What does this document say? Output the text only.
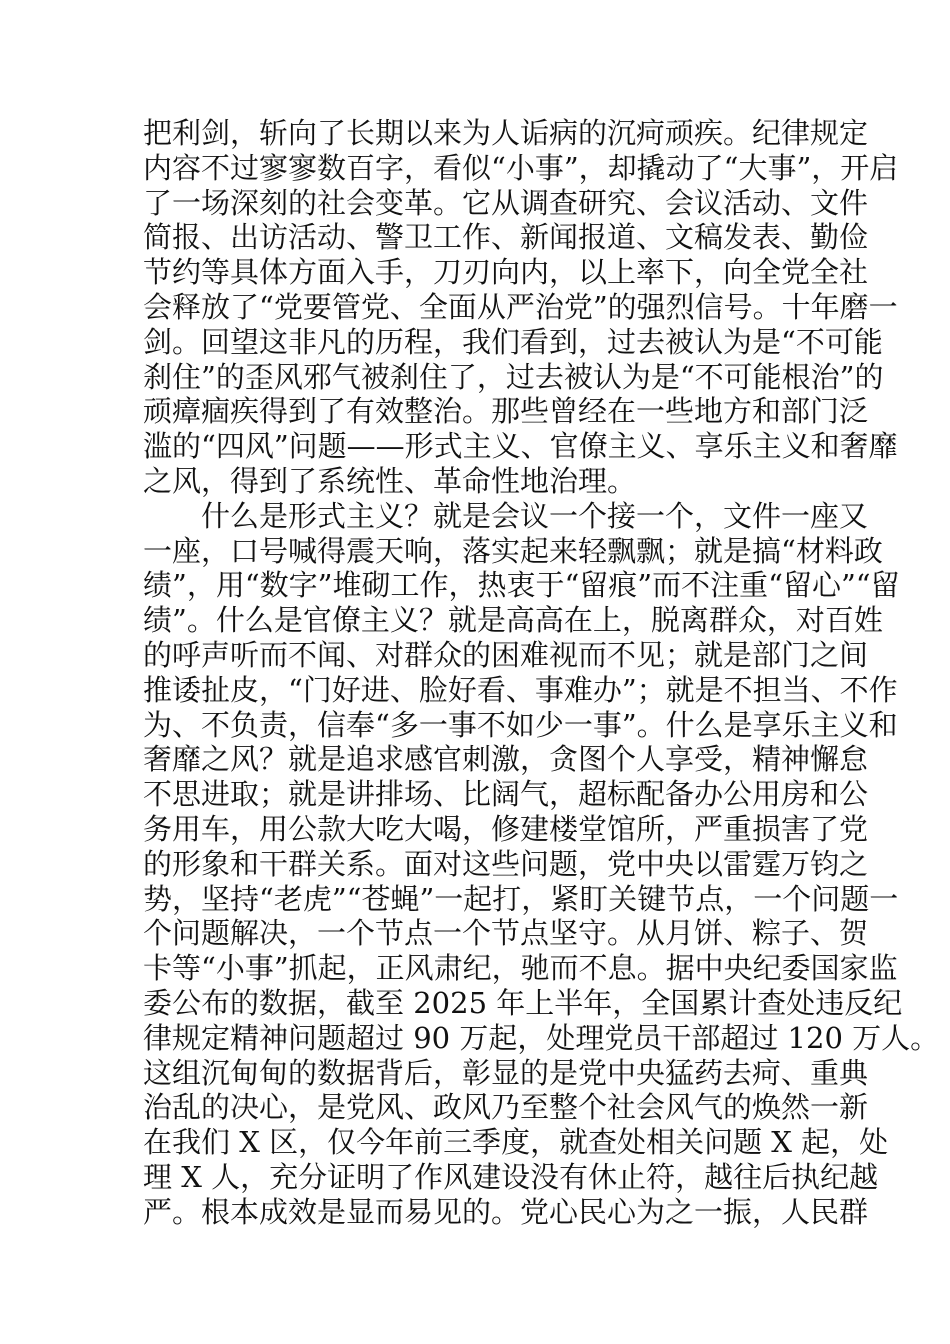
把利剑，斩向了长期以来为人诟病的沉疴顽疾。纪律规定
内容不过寥寥数百字，看似“小事”，却撬动了“大事”，开启
了一场深刻的社会变革。它从调查研究、会议活动、文件
简报、出访活动、警卫工作、新闻报道、文稿发表、勤俭
节约等具体方面入手，刀刃向内，以上率下，向全党全社
会释放了“党要管党、全面从严治党”的强烈信号。十年磨一
剑。回望这非凡的历程，我们看到，过去被认为是“不可能
刹住”的歪风邪气被刹住了，过去被认为是“不可能根治”的
顽瘴痼疾得到了有效整治。那些曾经在一些地方和部门泛
滥的“四风”问题——形式主义、官僚主义、享乐主义和奢靡
之风，得到了系统性、革命性地治理。
　　什么是形式主义？就是会议一个接一个，文件一座又
一座，口号喊得震天响，落实起来轻飘飘；就是搞“材料政
绩”，用“数字”堆砌工作，热衷于“留痕”而不注重“留心”“留
绩”。什么是官僚主义？就是高高在上，脱离群众，对百姓
的呼声听而不闻、对群众的困难视而不见；就是部门之间
推诿扯皮，“门好进、脸好看、事难办”；就是不担当、不作
为、不负责，信奉“多一事不如少一事”。什么是享乐主义和
奢靡之风？就是追求感官刺激，贪图个人享受，精神懈怠
不思进取；就是讲排场、比阔气，超标配备办公用房和公
务用车，用公款大吃大喝，修建楼堂馆所，严重损害了党
的形象和干群关系。面对这些问题，党中央以雷霆万钧之
势，坚持“老虎”“苍蝇”一起打，紧盯关键节点，一个问题一
个问题解决，一个节点一个节点坚守。从月饼、粽子、贺
卡等“小事”抓起，正风肃纪，驰而不息。据中央纪委国家监
委公布的数据，截至 2025 年上半年，全国累计查处违反纪
律规定精神问题超过 90 万起，处理党员干部超过 120 万人。
这组沉甸甸的数据背后，彰显的是党中央猛药去疴、重典
治乱的决心，是党风、政风乃至整个社会风气的焕然一新
在我们 X 区，仅今年前三季度，就查处相关问题 X 起，处
理 X 人，充分证明了作风建设没有休止符，越往后执纪越
严。根本成效是显而易见的。党心民心为之一振，人民群
